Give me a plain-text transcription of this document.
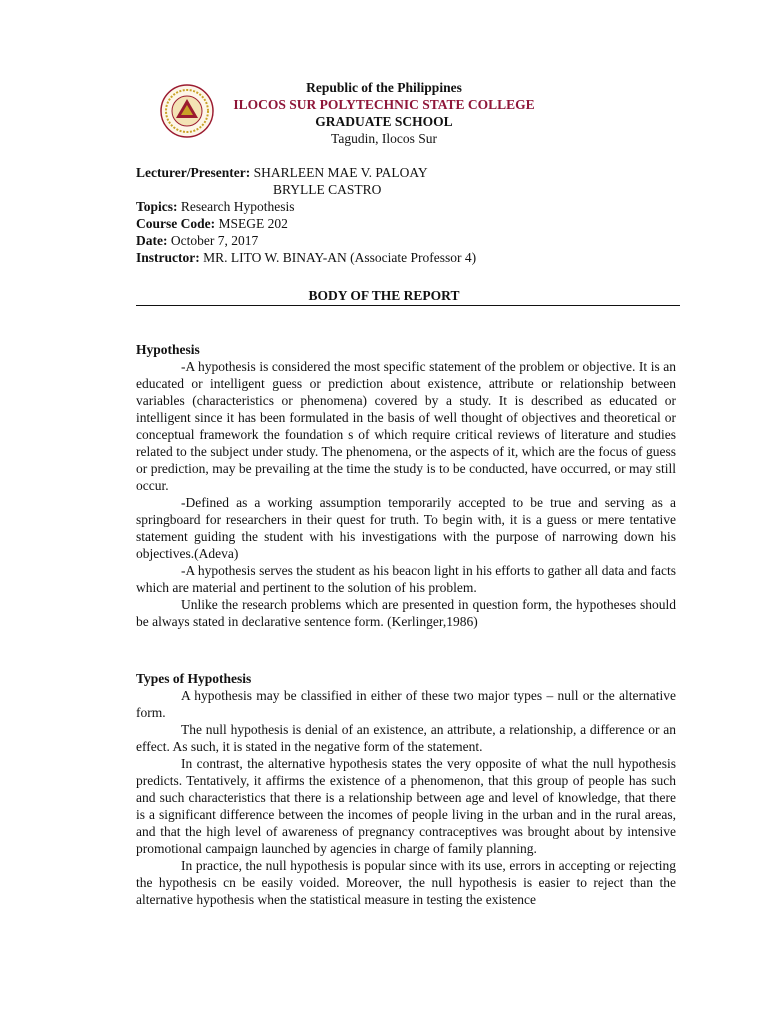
Republic of the Philippines
ILOCOS SUR POLYTECHNIC STATE COLLEGE
GRADUATE SCHOOL
Tagudin, Ilocos Sur
Lecturer/Presenter: SHARLEEN MAE V. PALOAY
BRYLLE CASTRO
Topics: Research Hypothesis
Course Code: MSEGE 202
Date: October 7, 2017
Instructor: MR. LITO W. BINAY-AN (Associate Professor 4)
BODY OF THE REPORT
Hypothesis

-A hypothesis is considered the most specific statement of the problem or objective. It is an educated or intelligent guess or prediction about existence, attribute or relationship between variables (characteristics or phenomena) covered by a study. It is described as educated or intelligent since it has been formulated in the basis of well thought of objectives and theoretical or conceptual framework the foundation s of which require critical reviews of literature and studies related to the subject under study. The phenomena, or the aspects of it, which are the focus of guess or prediction, may be prevailing at the time the study is to be conducted, have occurred, or may still occur.

-Defined as a working assumption temporarily accepted to be true and serving as a springboard for researchers in their quest for truth. To begin with, it is a guess or mere tentative statement guiding the student with his investigations with the purpose of narrowing down his objectives.(Adeva)

-A hypothesis serves the student as his beacon light in his efforts to gather all data and facts which are material and pertinent to the solution of his problem.

Unlike the research problems which are presented in question form, the hypotheses should be always stated in declarative sentence form. (Kerlinger,1986)

Types of Hypothesis

A hypothesis may be classified in either of these two major types – null or the alternative form.

The null hypothesis is denial of an existence, an attribute, a relationship, a difference or an effect. As such, it is stated in the negative form of the statement.

In contrast, the alternative hypothesis states the very opposite of what the null hypothesis predicts. Tentatively, it affirms the existence of a phenomenon, that this group of people has such and such characteristics that there is a relationship between age and level of knowledge, that there is a significant difference between the incomes of people living in the urban and in the rural areas, and that the high level of awareness of pregnancy contraceptives was brought about by intensive promotional campaign launched by agencies in charge of family planning.

In practice, the null hypothesis is popular since with its use, errors in accepting or rejecting the hypothesis cn be easily voided. Moreover, the null hypothesis is easier to reject than the alternative hypothesis when the statistical measure in testing the existence
